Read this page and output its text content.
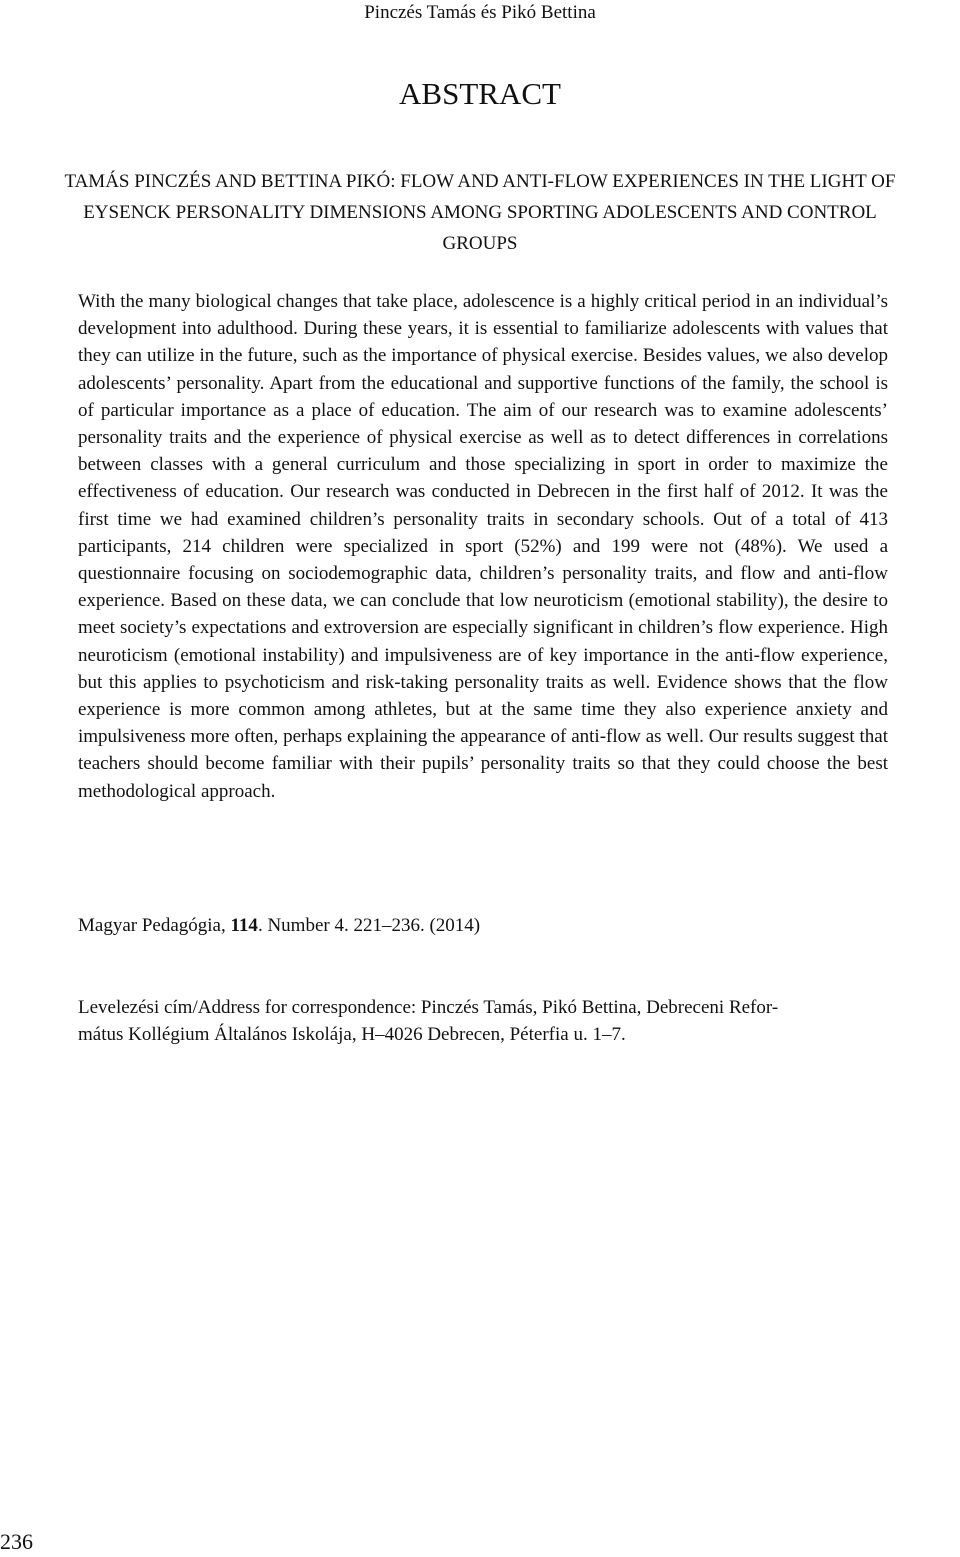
Pinczés Tamás és Pikó Bettina
ABSTRACT
TAMÁS PINCZÉS AND BETTINA PIKÓ: FLOW AND ANTI-FLOW EXPERIENCES IN THE LIGHT OF
EYSENCK PERSONALITY DIMENSIONS AMONG SPORTING ADOLESCENTS AND CONTROL
GROUPS

With the many biological changes that take place, adolescence is a highly critical period in an individual’s development into adulthood. During these years, it is essential to familiarize adolescents with values that they can utilize in the future, such as the importance of physical exercise. Besides values, we also develop adolescents’ personality. Apart from the educational and supportive functions of the family, the school is of particular importance as a place of education. The aim of our research was to examine adolescents’ personality traits and the experience of physical exercise as well as to detect differences in correlations between classes with a general curriculum and those specializing in sport in order to maximize the effectiveness of education. Our research was conducted in Debrecen in the first half of 2012. It was the first time we had examined children’s personality traits in secondary schools. Out of a total of 413 participants, 214 children were specialized in sport (52%) and 199 were not (48%). We used a questionnaire focusing on sociodemographic data, children’s personality traits, and flow and anti-flow experience. Based on these data, we can conclude that low neuroticism (emotional stability), the desire to meet society’s expectations and extroversion are especially significant in children’s flow experience. High neuroticism (emotional instability) and impulsiveness are of key importance in the anti-flow experience, but this applies to psychoticism and risk-taking personality traits as well. Evidence shows that the flow experience is more common among athletes, but at the same time they also experience anxiety and impulsiveness more often, perhaps explaining the appearance of anti-flow as well. Our results suggest that teachers should become familiar with their pupils’ personality traits so that they could choose the best methodological approach.

Magyar Pedagógia, 114. Number 4. 221–236. (2014)
Levelezési cím/Address for correspondence: Pinczés Tamás, Pikó Bettina, Debreceni Refor-
mátus Kollégium Általános Iskolája, H–4026 Debrecen, Péterfia u. 1–7.
236
